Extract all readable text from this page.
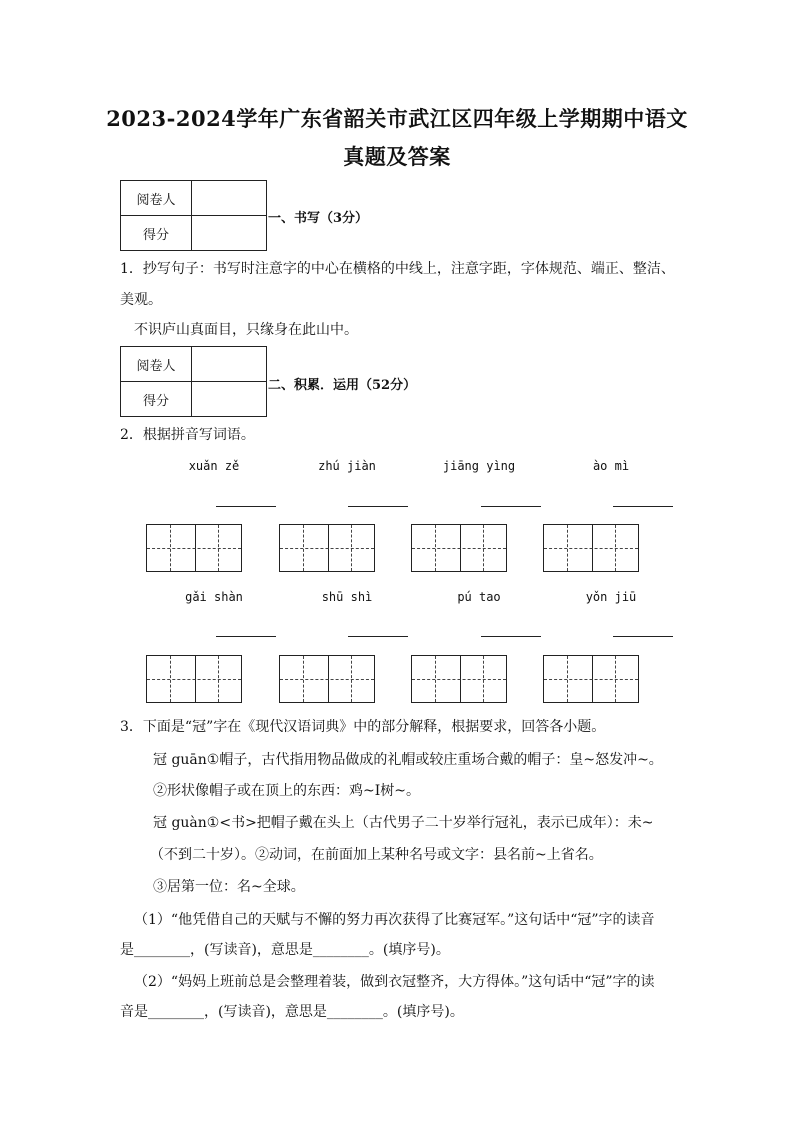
2023-2024学年广东省韶关市武江区四年级上学期期中语文
真题及答案
阅卷人	
得分	
一、书写（3分）
1．抄写句子：书写时注意字的中心在横格的中线上，注意字距，字体规范、端正、整洁、
美观。
不识庐山真面目，只缘身在此山中。
阅卷人	
得分	
二、积累．运用（52分）
2．根据拼音写词语。
xuǎn zě	zhú jiàn	jiāng yìng	ào mì
gǎi shàn	shū shì	pú tao	yǒn jiū
3．下面是“冠”字在《现代汉语词典》中的部分解释，根据要求，回答各小题。
冠 guān①帽子，古代指用物品做成的礼帽或较庄重场合戴的帽子：皇~怒发冲~。
②形状像帽子或在顶上的东西：鸡~I树~。
冠 guàn①<书>把帽子戴在头上（古代男子二十岁举行冠礼，表示已成年）：未~
（不到二十岁）。②动词，在前面加上某种名号或文字：县名前~上省名。
③居第一位：名~全球。
（1）“他凭借自己的天赋与不懈的努力再次获得了比赛冠军。”这句话中“冠”字的读音
是________，(写读音)，意思是________。(填序号)。
（2）“妈妈上班前总是会整理着装，做到衣冠整齐，大方得体。”这句话中“冠”字的读
音是________，(写读音)，意思是________。(填序号)。
